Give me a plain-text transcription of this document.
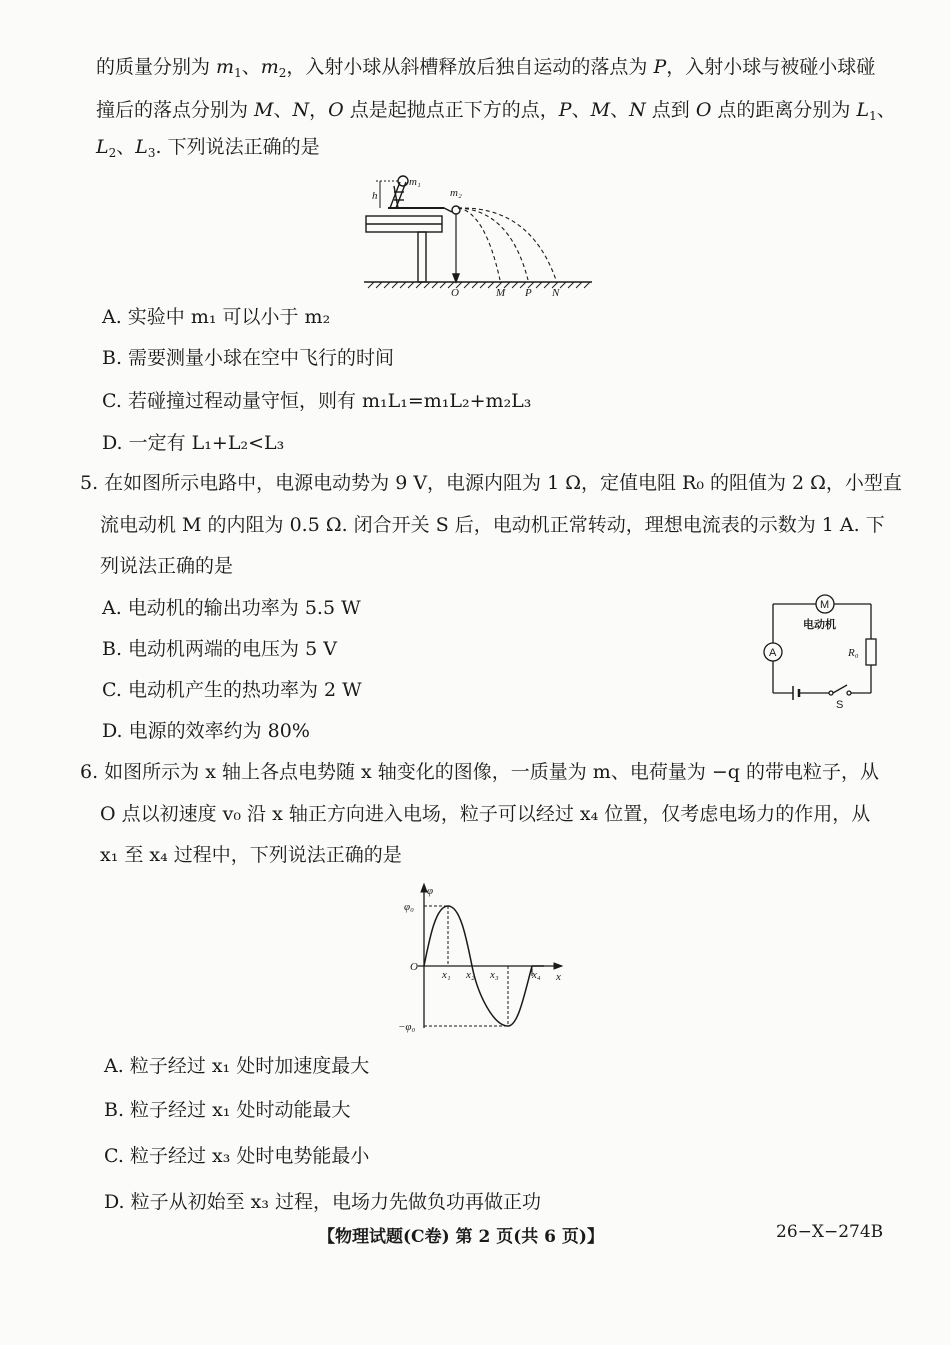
的质量分别为 $m_1$、$m_2$，入射小球从斜槽释放后独自运动的落点为 P，入射小球与被碰小球碰
撞后的落点分别为 M、N，O 点是起抛点正下方的点，P、M、N 点到 O 点的距离分别为 $L_1$、
$L_2$、$L_3$. 下列说法正确的是
m₁
m₂
h
O	M P N
A. 实验中 m₁ 可以小于 m₂
B. 需要测量小球在空中飞行的时间
C. 若碰撞过程动量守恒，则有 m₁L₁=m₁L₂+m₂L₃
D. 一定有 L₁+L₂<L₃
5. 在如图所示电路中，电源电动势为 9 V，电源内阻为 1 Ω，定值电阻 R₀ 的阻值为 2 Ω，小型直
流电动机 M 的内阻为 0.5 Ω. 闭合开关 S 后，电动机正常转动，理想电流表的示数为 1 A. 下
列说法正确的是
A. 电动机的输出功率为 5.5 W
B. 电动机两端的电压为 5 V
C. 电动机产生的热功率为 2 W
D. 电源的效率约为 80%
M
电动机
A	R₀
S
6. 如图所示为 x 轴上各点电势随 x 轴变化的图像，一质量为 m、电荷量为 −q 的带电粒子，从
O 点以初速度 v₀ 沿 x 轴正方向进入电场，粒子可以经过 x₄ 位置，仅考虑电场力的作用，从
x₁ 至 x₄ 过程中，下列说法正确的是
φ
x
φ₀
−φ₀
O
x₁ x₂ x₃	x₄
A. 粒子经过 x₁ 处时加速度最大
B. 粒子经过 x₁ 处时动能最大
C. 粒子经过 x₃ 处时电势能最小
D. 粒子从初始至 x₃ 过程，电场力先做负功再做正功
【物理试题(C卷) 第 2 页(共 6 页)】	26−X−274B
